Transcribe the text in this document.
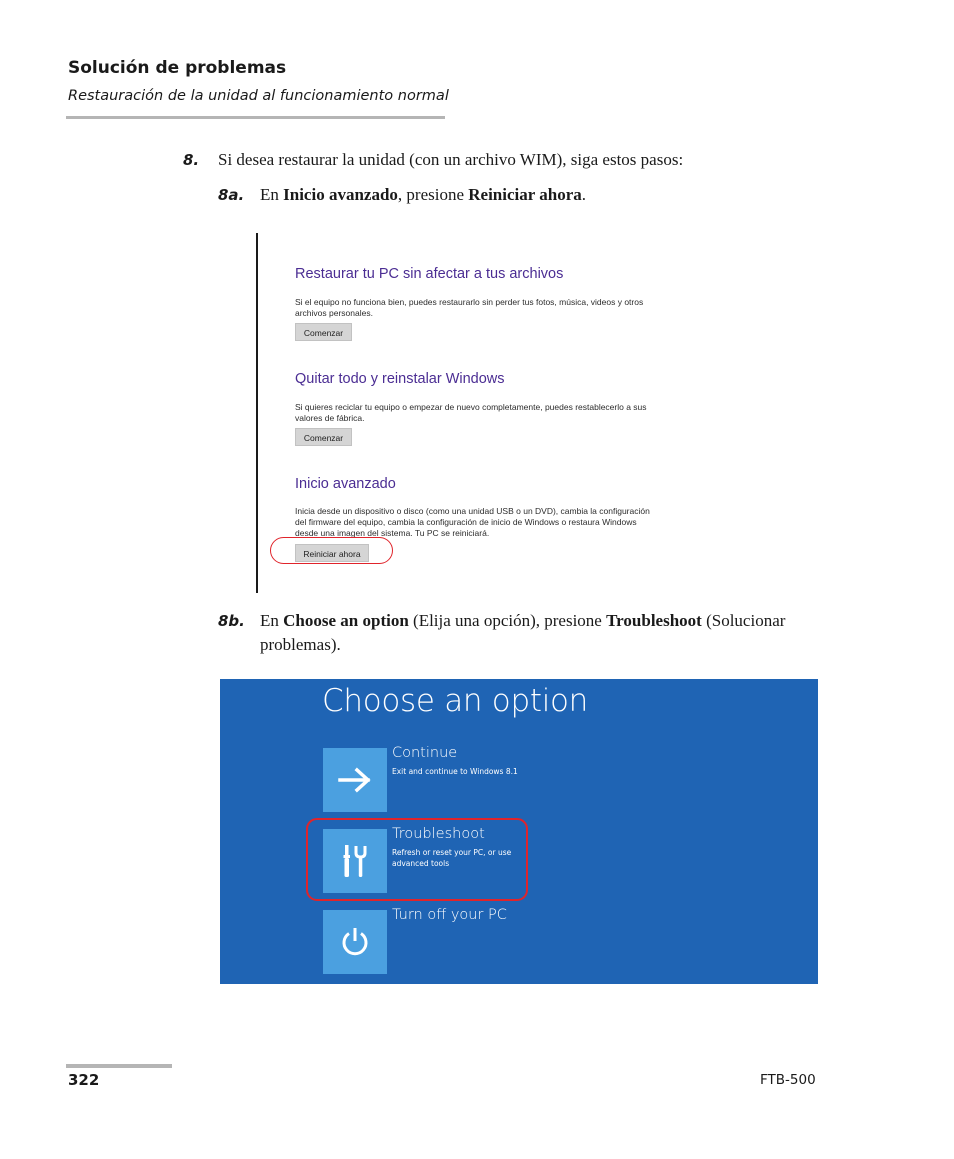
Solución de problemas
Restauración de la unidad al funcionamiento normal
8. Si desea restaurar la unidad (con un archivo WIM), siga estos pasos:
8a. En Inicio avanzado, presione Reiniciar ahora.
Restaurar tu PC sin afectar a tus archivos
Si el equipo no funciona bien, puedes restaurarlo sin perder tus fotos, música, videos y otros archivos personales.
Comenzar
Quitar todo y reinstalar Windows
Si quieres reciclar tu equipo o empezar de nuevo completamente, puedes restablecerlo a sus valores de fábrica.
Comenzar
Inicio avanzado
Inicia desde un dispositivo o disco (como una unidad USB o un DVD), cambia la configuración del firmware del equipo, cambia la configuración de inicio de Windows o restaura Windows desde una imagen del sistema. Tu PC se reiniciará.
Reiniciar ahora
8b. En Choose an option (Elija una opción), presione Troubleshoot (Solucionar problemas).
Choose an option
Continue
Exit and continue to Windows 8.1
Troubleshoot
Refresh or reset your PC, or use advanced tools
Turn off your PC
322	FTB-500
